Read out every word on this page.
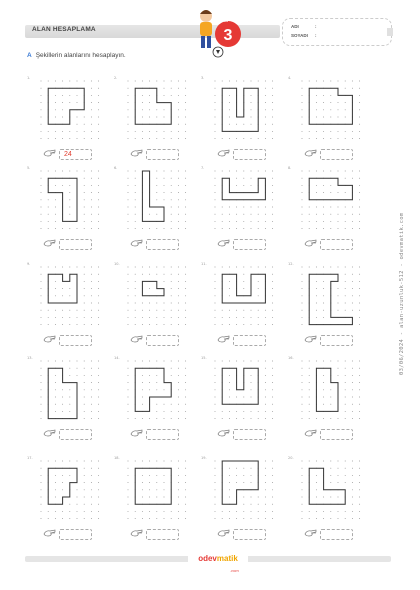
ALAN HESAPLAMA	3
SINIF
ADI	:
SOYADI :
A Şekillerin alanlarını hesaplayın.
1.
24
2.	3.	4.
5.	6.	7.	8.
9.	10.	11.	12.
13.	14.	15.	16.
17.	18.	19.	20.
odevmatik
.com
03/06/2024 - alan-uzunluk-512 - odevmatik.com
